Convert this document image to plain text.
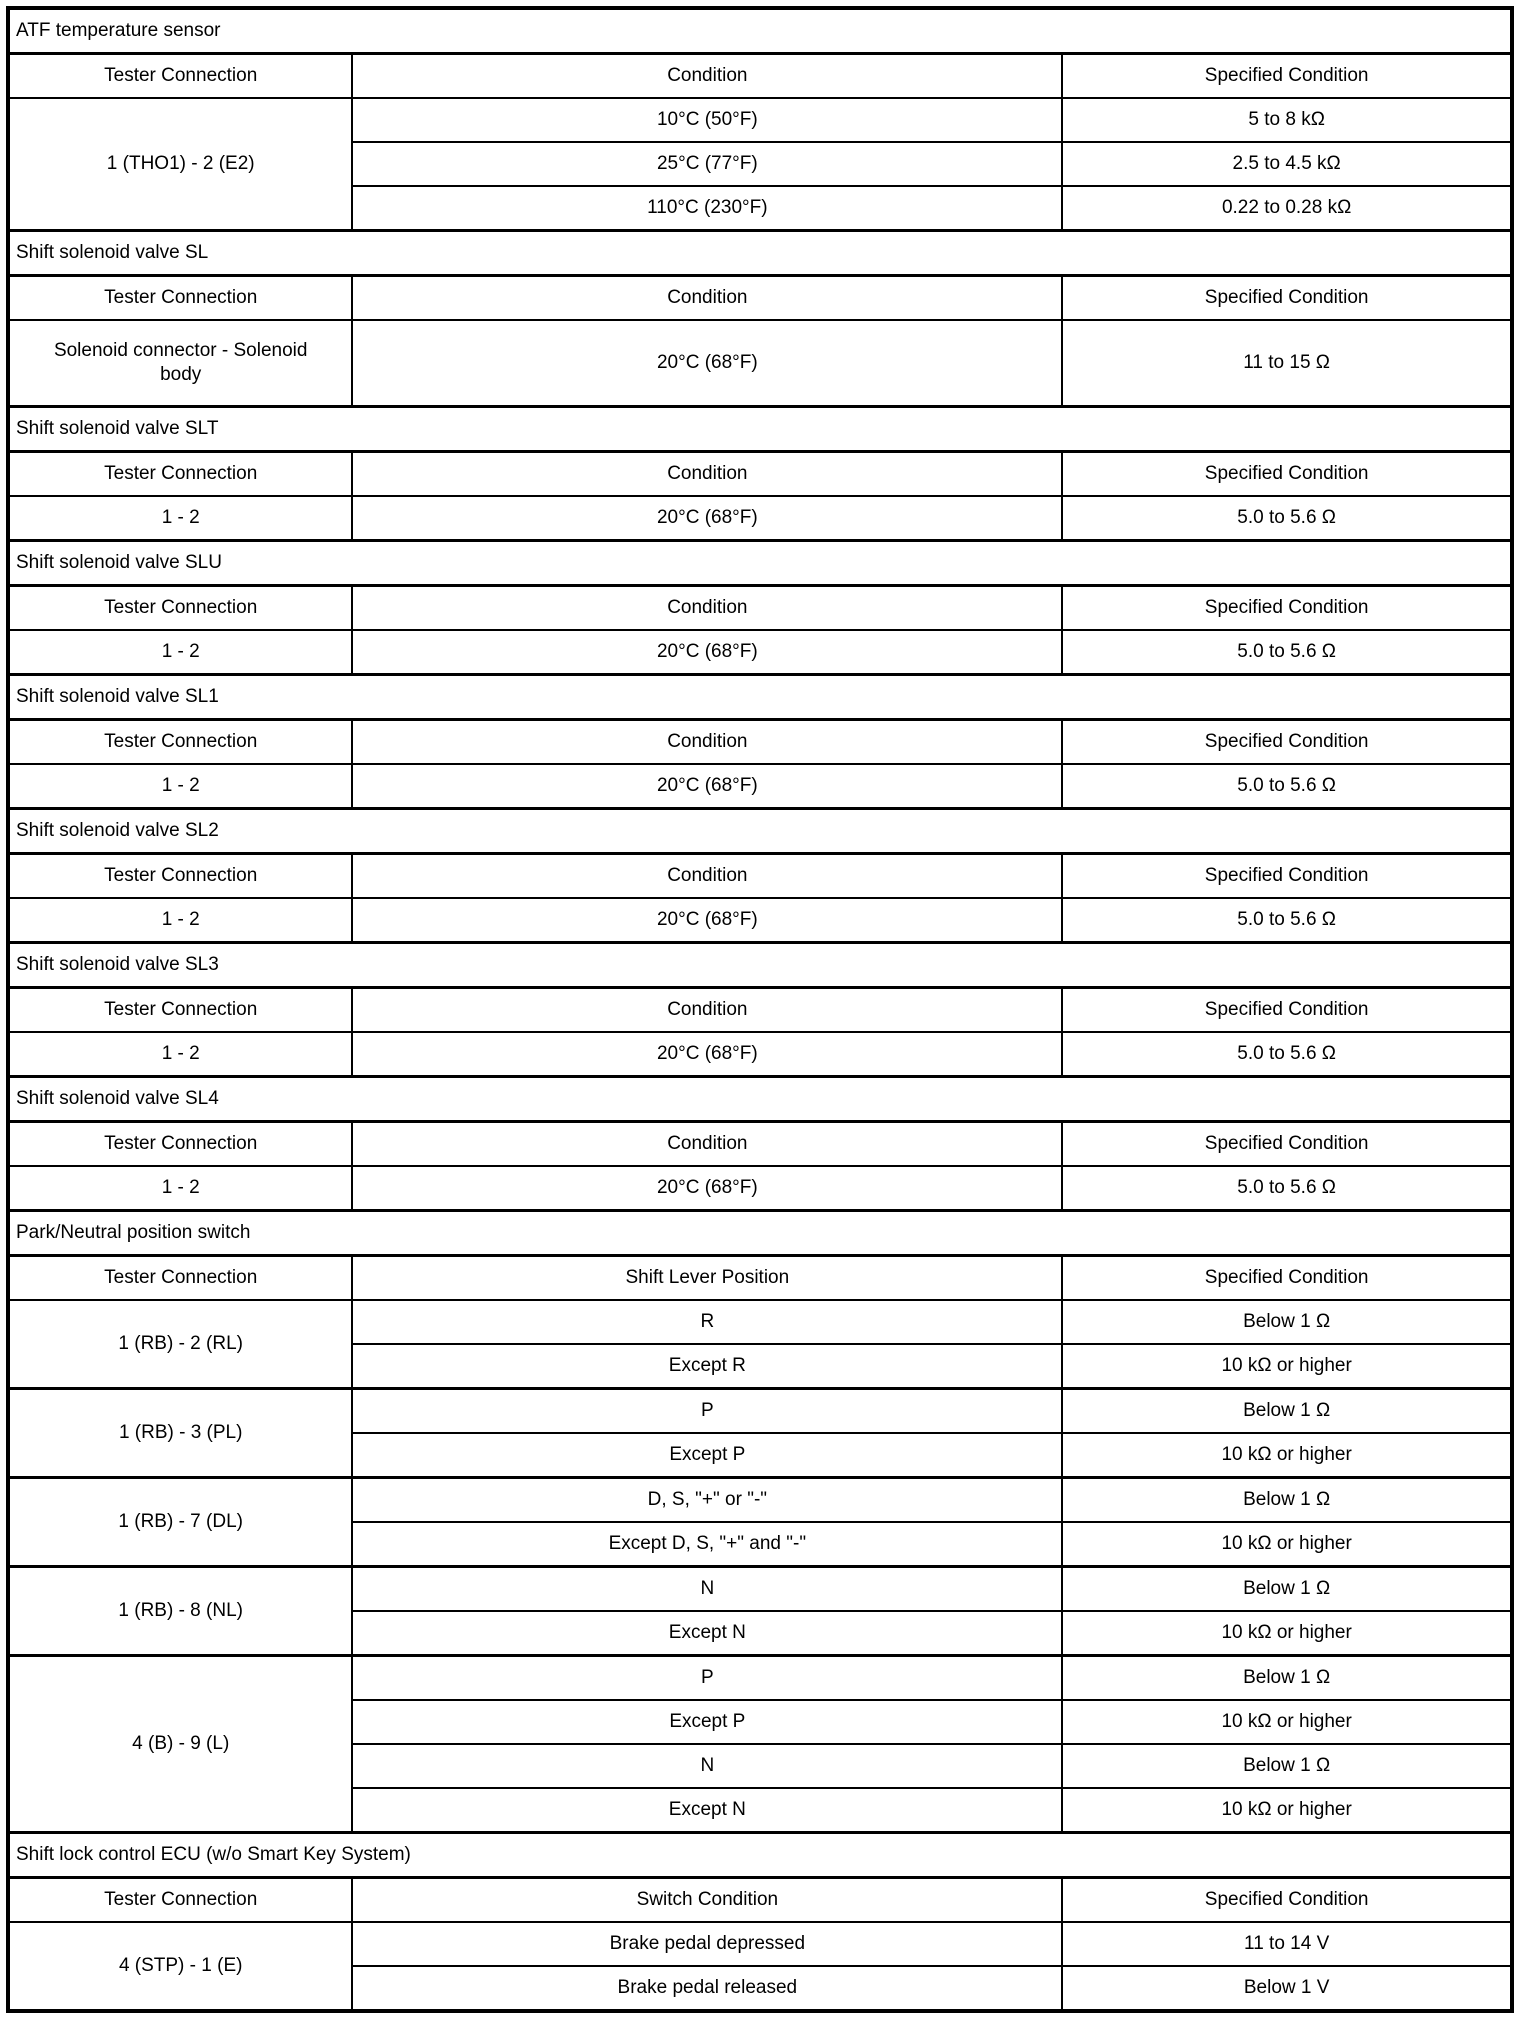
ATF temperature sensor		
Tester Connection	Condition	Specified Condition
1 (THO1) - 2 (E2)	10°C (50°F)	5 to 8 kΩ
	25°C (77°F)	2.5 to 4.5 kΩ
	110°C (230°F)	0.22 to 0.28 kΩ
Shift solenoid valve SL		
Tester Connection	Condition	Specified Condition
Solenoid connector - Solenoid body	20°C (68°F)	11 to 15 Ω
Shift solenoid valve SLT		
Tester Connection	Condition	Specified Condition
1 - 2	20°C (68°F)	5.0 to 5.6 Ω
Shift solenoid valve SLU		
Tester Connection	Condition	Specified Condition
1 - 2	20°C (68°F)	5.0 to 5.6 Ω
Shift solenoid valve SL1		
Tester Connection	Condition	Specified Condition
1 - 2	20°C (68°F)	5.0 to 5.6 Ω
Shift solenoid valve SL2		
Tester Connection	Condition	Specified Condition
1 - 2	20°C (68°F)	5.0 to 5.6 Ω
Shift solenoid valve SL3		
Tester Connection	Condition	Specified Condition
1 - 2	20°C (68°F)	5.0 to 5.6 Ω
Shift solenoid valve SL4		
Tester Connection	Condition	Specified Condition
1 - 2	20°C (68°F)	5.0 to 5.6 Ω
Park/Neutral position switch		
Tester Connection	Shift Lever Position	Specified Condition
1 (RB) - 2 (RL)	R	Below 1 Ω
	Except R	10 kΩ or higher
1 (RB) - 3 (PL)	P	Below 1 Ω
	Except P	10 kΩ or higher
1 (RB) - 7 (DL)	D, S, "+" or "-"	Below 1 Ω
	Except D, S, "+" and "-"	10 kΩ or higher
1 (RB) - 8 (NL)	N	Below 1 Ω
	Except N	10 kΩ or higher
4 (B) - 9 (L)	P	Below 1 Ω
	Except P	10 kΩ or higher
	N	Below 1 Ω
	Except N	10 kΩ or higher
Shift lock control ECU (w/o Smart Key System)		
Tester Connection	Switch Condition	Specified Condition
4 (STP) - 1 (E)	Brake pedal depressed	11 to 14 V
	Brake pedal released	Below 1 V
